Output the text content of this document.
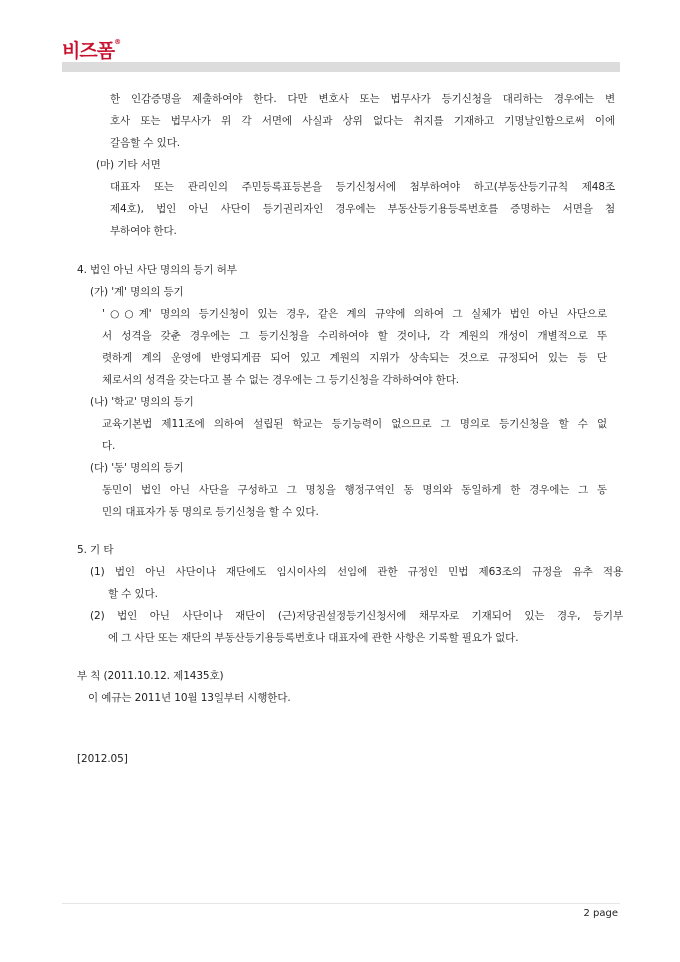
비즈폼®
한 인감증명을 제출하여야 한다. 다만 변호사 또는 법무사가 등기신청을 대리하는 경우에는 변
호사 또는 법무사가 위 각 서면에 사실과 상위 없다는 취지를 기재하고 기명날인함으로써 이에
갈음할 수 있다.
(마) 기타 서면
대표자 또는 관리인의 주민등록표등본을 등기신청서에 첨부하여야 하고(부동산등기규칙 제48조
제4호), 법인 아닌 사단이 등기권리자인 경우에는 부동산등기용등록번호를 증명하는 서면을 첨
부하여야 한다.
4. 법인 아닌 사단 명의의 등기 허부
(가) '계' 명의의 등기
'○○계' 명의의 등기신청이 있는 경우, 같은 계의 규약에 의하여 그 실체가 법인 아닌 사단으로
서 성격을 갖춘 경우에는 그 등기신청을 수리하여야 할 것이나, 각 계원의 개성이 개별적으로 뚜
렷하게 계의 운영에 반영되게끔 되어 있고 계원의 지위가 상속되는 것으로 규정되어 있는 등 단
체로서의 성격을 갖는다고 볼 수 없는 경우에는 그 등기신청을 각하하여야 한다.
(나) '학교' 명의의 등기
교육기본법 제11조에 의하여 설립된 학교는 등기능력이 없으므로 그 명의로 등기신청을 할 수 없
다.
(다) '동' 명의의 등기
동민이 법인 아닌 사단을 구성하고 그 명칭을 행정구역인 동 명의와 동일하게 한 경우에는 그 동
민의 대표자가 동 명의로 등기신청을 할 수 있다.
5. 기 타
(1) 법인 아닌 사단이나 재단에도 임시이사의 선임에 관한 규정인 민법 제63조의 규정을 유추 적용
할 수 있다.
(2) 법인 아닌 사단이나 재단이 (근)저당권설정등기신청서에 채무자로 기재되어 있는 경우, 등기부
에 그 사단 또는 재단의 부동산등기용등록번호나 대표자에 관한 사항은 기록할 필요가 없다.
부 칙 (2011.10.12. 제1435호)
이 예규는 2011년 10월 13일부터 시행한다.
[2012.05]
2 page
